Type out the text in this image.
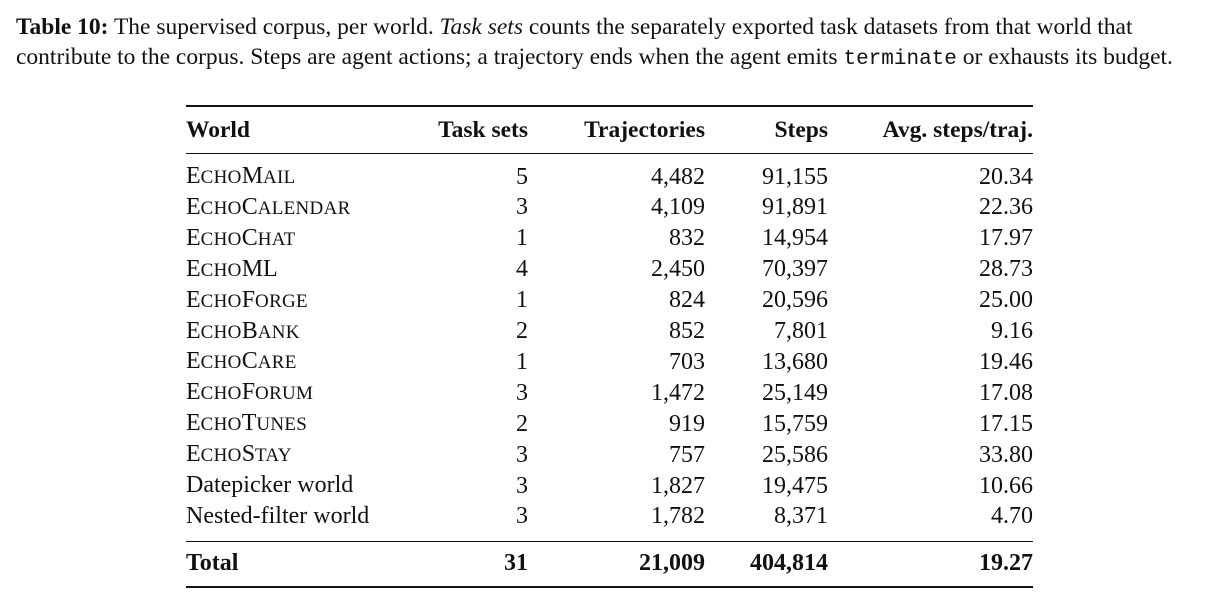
Table 10: The supervised corpus, per world. Task sets counts the separately exported task datasets from that world that contribute to the corpus. Steps are agent actions; a trajectory ends when the agent emits terminate or exhausts its budget.
World	Task sets	Trajectories	Steps	Avg. steps/traj.
ECHOMAIL	5	4,482	91,155	20.34
ECHOCALENDAR	3	4,109	91,891	22.36
ECHOCHAT	1	832	14,954	17.97
ECHOML	4	2,450	70,397	28.73
ECHOFORGE	1	824	20,596	25.00
ECHOBANK	2	852	7,801	9.16
ECHOCARE	1	703	13,680	19.46
ECHOFORUM	3	1,472	25,149	17.08
ECHOTUNES	2	919	15,759	17.15
ECHOSTAY	3	757	25,586	33.80
Datepicker world	3	1,827	19,475	10.66
Nested-filter world	3	1,782	8,371	4.70
Total	31	21,009	404,814	19.27
